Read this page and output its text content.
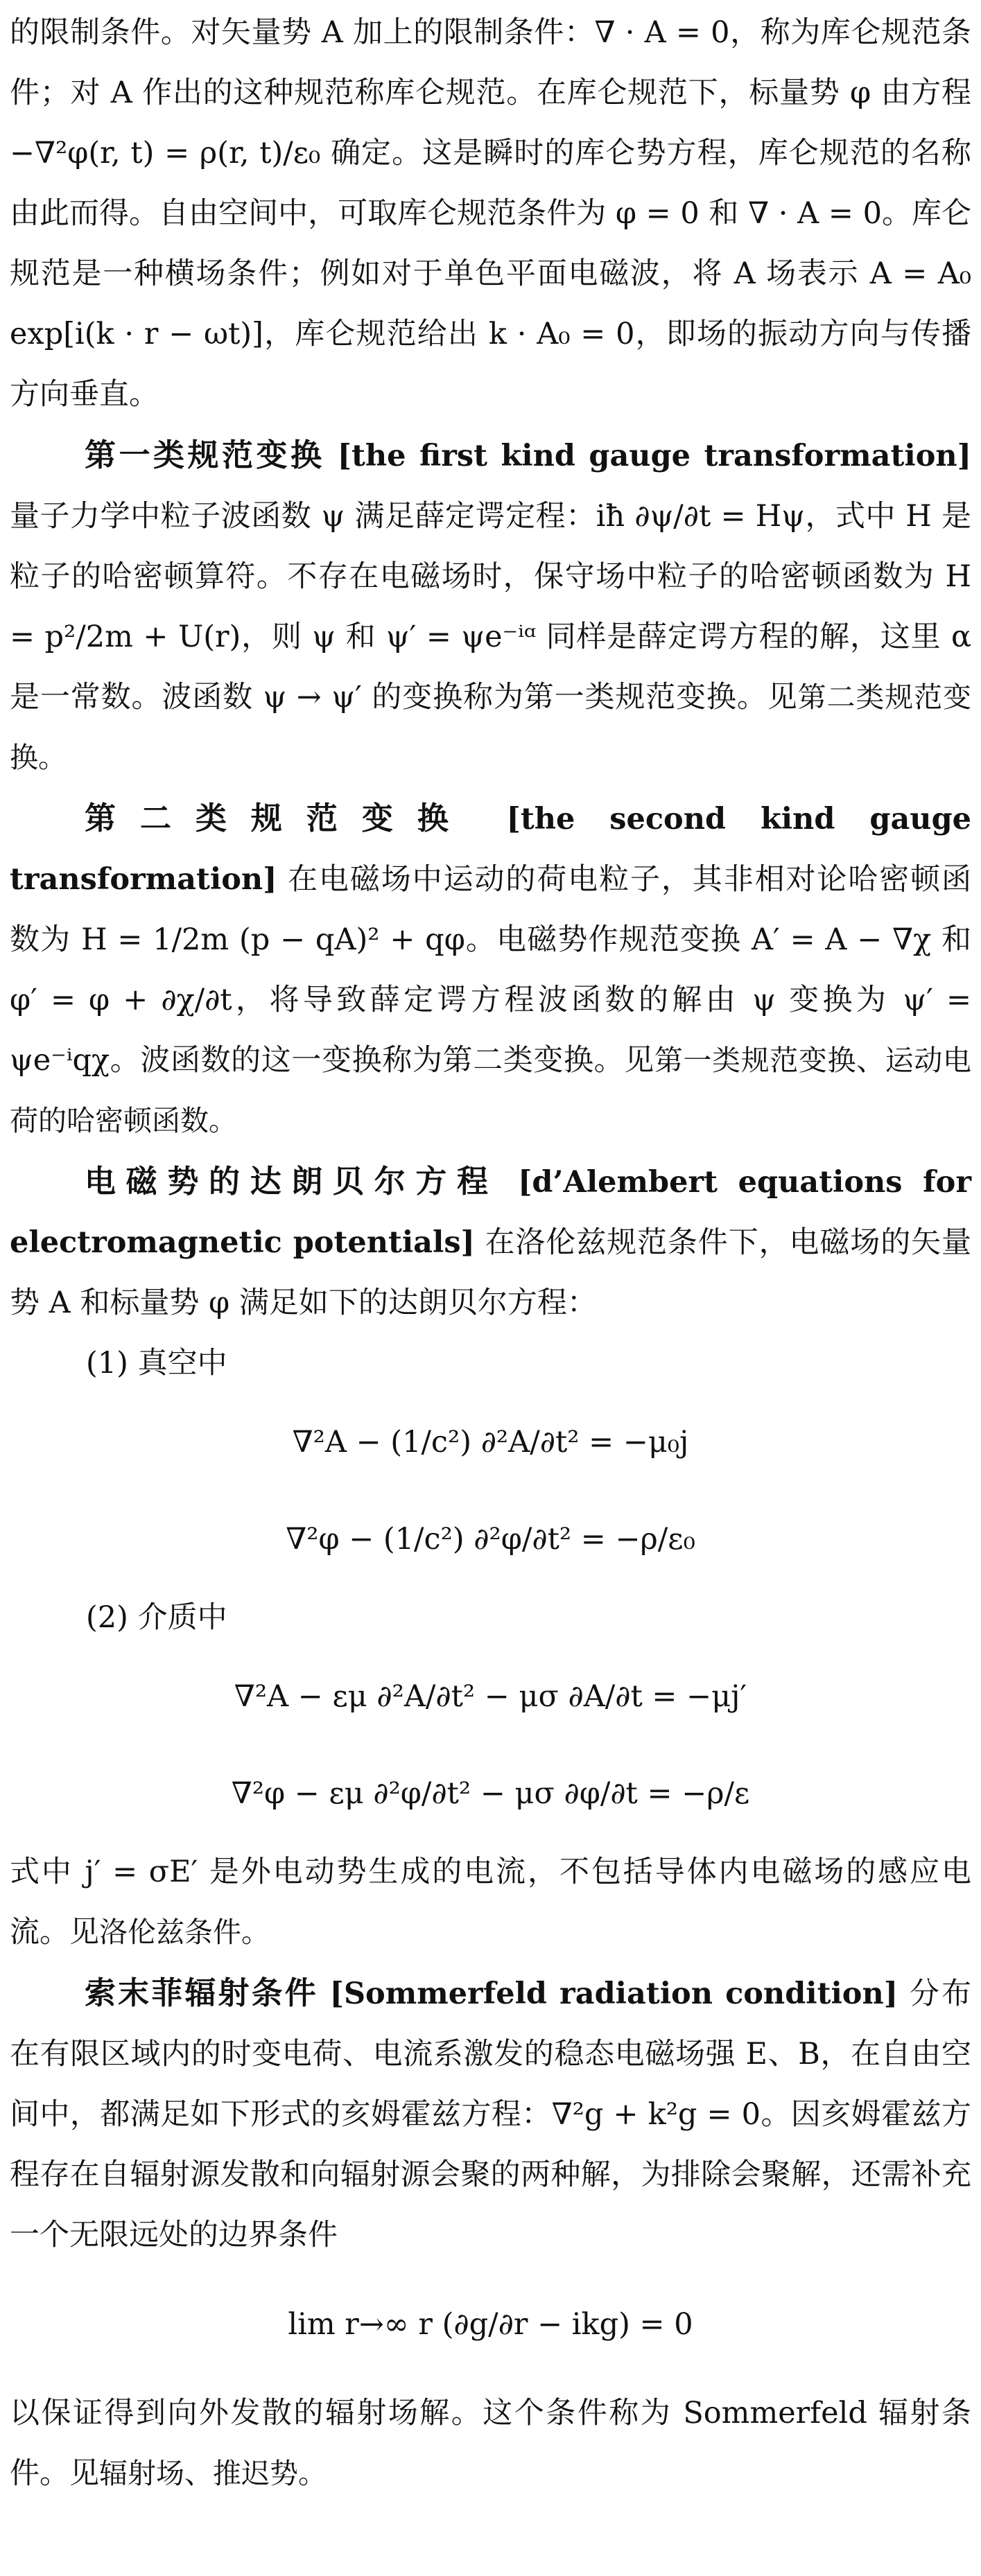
的限制条件。对矢量势 A 加上的限制条件：∇ · A = 0，称为库仑规范条件；对 A 作出的这种规范称库仑规范。在库仑规范下，标量势 φ 由方程 −∇²φ(r, t) = ρ(r, t)/ε₀ 确定。这是瞬时的库仑势方程，库仑规范的名称由此而得。自由空间中，可取库仑规范条件为 φ = 0 和 ∇ · A = 0。库仑规范是一种横场条件；例如对于单色平面电磁波，将 A 场表示 A = A₀ exp[i(k · r − ωt)]，库仑规范给出 k · A₀ = 0，即场的振动方向与传播方向垂直。

第一类规范变换 [the first kind gauge transformation] 量子力学中粒子波函数 ψ 满足薛定谔定程：iħ ∂ψ/∂t = Hψ，式中 H 是粒子的哈密顿算符。不存在电磁场时，保守场中粒子的哈密顿函数为 H = p²/2m + U(r)，则 ψ 和 ψ′ = ψe⁻ⁱᵅ 同样是薛定谔方程的解，这里 α 是一常数。波函数 ψ → ψ′ 的变换称为第一类规范变换。见第二类规范变换。

第二类规范变换 [the second kind gauge transformation] 在电磁场中运动的荷电粒子，其非相对论哈密顿函数为 H = 1/2m (p − qA)² + qφ。电磁势作规范变换 A′ = A − ∇χ 和 φ′ = φ + ∂χ/∂t，将导致薛定谔方程波函数的解由 ψ 变换为 ψ′ = ψe⁻ⁱqχ。波函数的这一变换称为第二类变换。见第一类规范变换、运动电荷的哈密顿函数。

电磁势的达朗贝尔方程 [d’Alembert equations for electromagnetic potentials] 在洛伦兹规范条件下，电磁场的矢量势 A 和标量势 φ 满足如下的达朗贝尔方程：

(1) 真空中

∇²A − (1/c²) ∂²A/∂t² = −μ₀j

∇²φ − (1/c²) ∂²φ/∂t² = −ρ/ε₀

(2) 介质中

∇²A − εμ ∂²A/∂t² − μσ ∂A/∂t = −μj′

∇²φ − εμ ∂²φ/∂t² − μσ ∂φ/∂t = −ρ/ε

式中 j′ = σE′ 是外电动势生成的电流，不包括导体内电磁场的感应电流。见洛伦兹条件。

索末菲辐射条件 [Sommerfeld radiation condition] 分布在有限区域内的时变电荷、电流系激发的稳态电磁场强 E、B，在自由空间中，都满足如下形式的亥姆霍兹方程：∇²g + k²g = 0。因亥姆霍兹方程存在自辐射源发散和向辐射源会聚的两种解，为排除会聚解，还需补充一个无限远处的边界条件

lim r→∞ r (∂g/∂r − ikg) = 0

以保证得到向外发散的辐射场解。这个条件称为 Sommerfeld 辐射条件。见辐射场、推迟势。
